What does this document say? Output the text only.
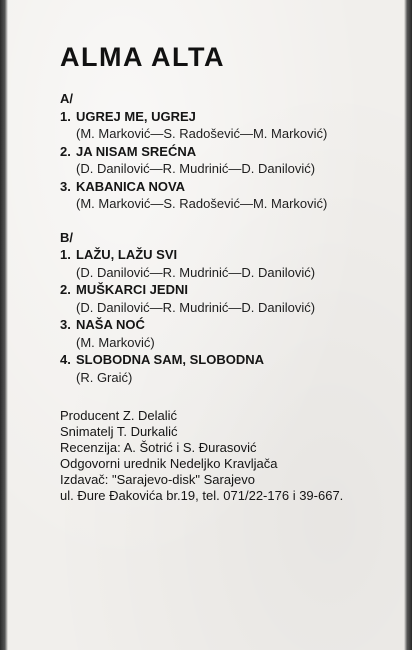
ALMA ALTA
A/
1. UGREJ ME, UGREJ
(M. Marković—S. Radošević—M. Marković)
2. JA NISAM SREĆNA
(D. Danilović—R. Mudrinić—D. Danilović)
3. KABANICA NOVA
(M. Marković—S. Radošević—M. Marković)
B/
1. LAŽU, LAŽU SVI
(D. Danilović—R. Mudrinić—D. Danilović)
2. MUŠKARCI JEDNI
(D. Danilović—R. Mudrinić—D. Danilović)
3. NAŠA NOĆ
(M. Marković)
4. SLOBODNA SAM, SLOBODNA
(R. Graić)
Producent Z. Delalić
Snimatelj T. Durkalić
Recenzija: A. Šotrić i S. Đurasović
Odgovorni urednik Nedeljko Kravljača
Izdavač: "Sarajevo-disk" Sarajevo
ul. Đure Đakovića br.19, tel. 071/22-176 i 39-667.
